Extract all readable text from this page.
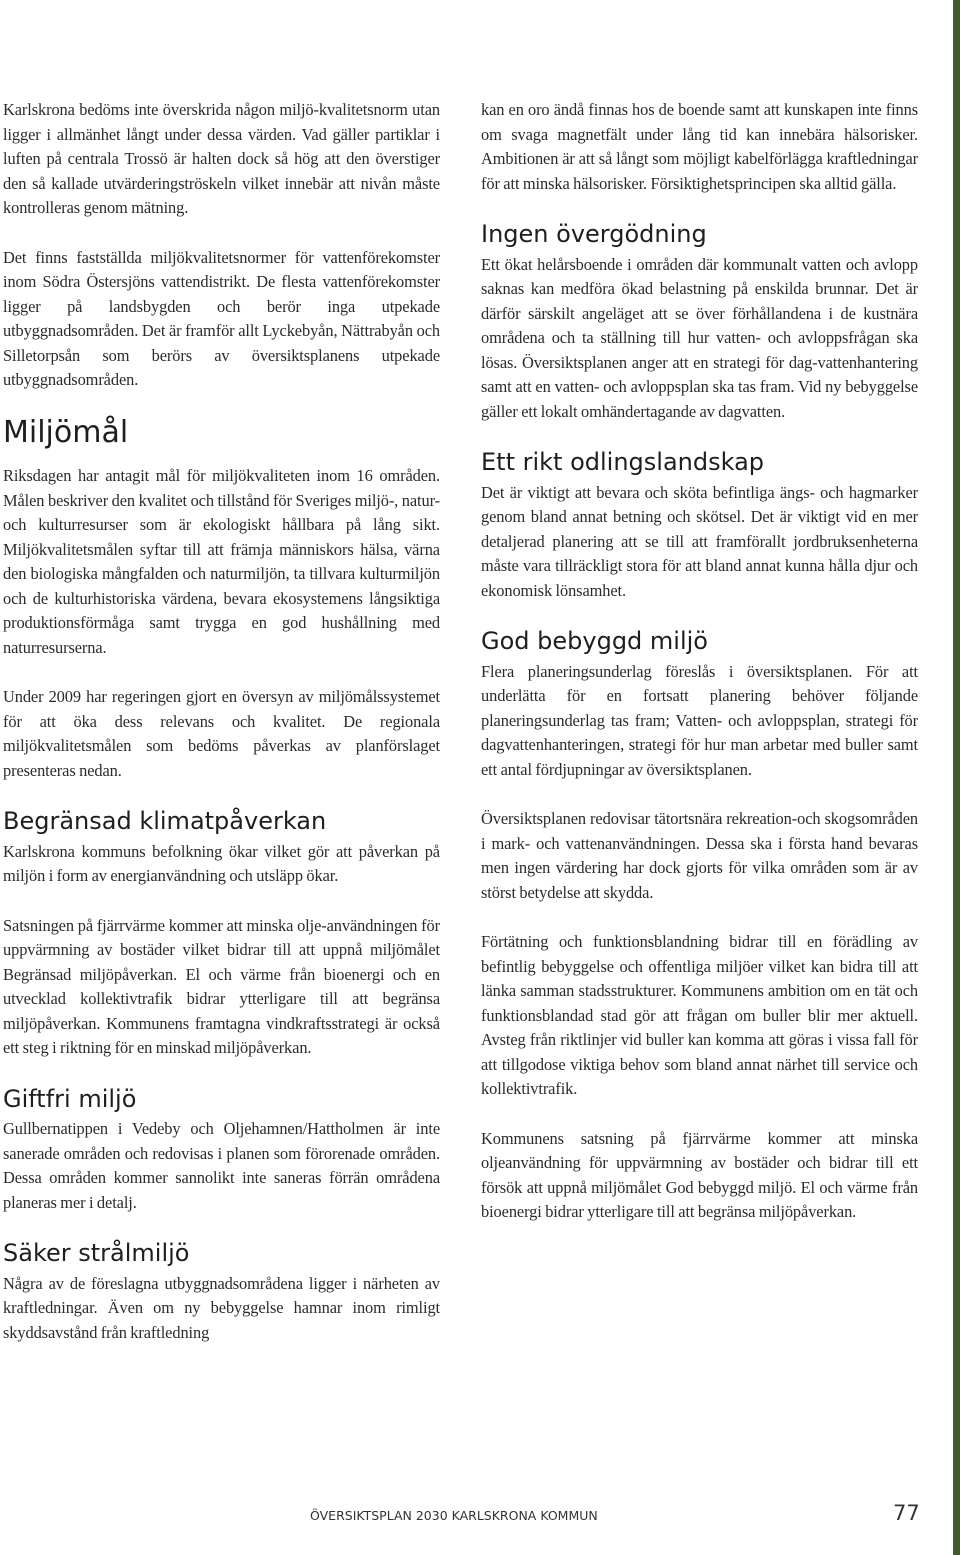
Karlskrona bedöms inte överskrida någon miljö-kvalitetsnorm utan ligger i allmänhet långt under dessa värden. Vad gäller partiklar i luften på centrala Trossö är halten dock så hög att den överstiger den så kallade utvärderingströskeln vilket innebär att nivån måste kontrolleras genom mätning.

Det finns fastställda miljökvalitetsnormer för vattenförekomster inom Södra Östersjöns vattendistrikt. De flesta vattenförekomster ligger på landsbygden och berör inga utpekade utbyggnadsområden. Det är framför allt Lyckebyån, Nättrabyån och Silletorpsån som berörs av översiktsplanens utpekade utbyggnadsområden.

Miljömål

Riksdagen har antagit mål för miljökvaliteten inom 16 områden. Målen beskriver den kvalitet och tillstånd för Sveriges miljö-, natur- och kulturresurser som är ekologiskt hållbara på lång sikt. Miljökvalitetsmålen syftar till att främja människors hälsa, värna den biologiska mångfalden och naturmiljön, ta tillvara kulturmiljön och de kulturhistoriska värdena, bevara ekosystemens långsiktiga produktionsförmåga samt trygga en god hushållning med naturresurserna.

Under 2009 har regeringen gjort en översyn av miljömålssystemet för att öka dess relevans och kvalitet. De regionala miljökvalitetsmålen som bedöms påverkas av planförslaget presenteras nedan.

Begränsad klimatpåverkan

Karlskrona kommuns befolkning ökar vilket gör att påverkan på miljön i form av energianvändning och utsläpp ökar.

Satsningen på fjärrvärme kommer att minska olje-användningen för uppvärmning av bostäder vilket bidrar till att uppnå miljömålet Begränsad miljöpåverkan. El och värme från bioenergi och en utvecklad kollektivtrafik bidrar ytterligare till att begränsa miljöpåverkan. Kommunens framtagna vindkraftsstrategi är också ett steg i riktning för en minskad miljöpåverkan.

Giftfri miljö

Gullbernatippen i Vedeby och Oljehamnen/Hattholmen är inte sanerade områden och redovisas i planen som förorenade områden. Dessa områden kommer sannolikt inte saneras förrän områdena planeras mer i detalj.

Säker strålmiljö

Några av de föreslagna utbyggnadsområdena ligger i närheten av kraftledningar. Även om ny bebyggelse hamnar inom rimligt skyddsavstånd från kraftledning

kan en oro ändå finnas hos de boende samt att kunskapen inte finns om svaga magnetfält under lång tid kan innebära hälsorisker. Ambitionen är att så långt som möjligt kabelförlägga kraftledningar för att minska hälsorisker. Försiktighetsprincipen ska alltid gälla.

Ingen övergödning

Ett ökat helårsboende i områden där kommunalt vatten och avlopp saknas kan medföra ökad belastning på enskilda brunnar. Det är därför särskilt angeläget att se över förhållandena i de kustnära områdena och ta ställning till hur vatten- och avloppsfrågan ska lösas. Översiktsplanen anger att en strategi för dag-vattenhantering samt att en vatten- och avloppsplan ska tas fram. Vid ny bebyggelse gäller ett lokalt omhändertagande av dagvatten.

Ett rikt odlingslandskap

Det är viktigt att bevara och sköta befintliga ängs- och hagmarker genom bland annat betning och skötsel. Det är viktigt vid en mer detaljerad planering att se till att framförallt jordbruksenheterna måste vara tillräckligt stora för att bland annat kunna hålla djur och ekonomisk lönsamhet.

God bebyggd miljö

Flera planeringsunderlag föreslås i översiktsplanen. För att underlätta för en fortsatt planering behöver följande planeringsunderlag tas fram; Vatten- och avloppsplan, strategi för dagvattenhanteringen, strategi för hur man arbetar med buller samt ett antal fördjupningar av översiktsplanen.

Översiktsplanen redovisar tätortsnära rekreation-och skogsområden i mark- och vattenanvändningen. Dessa ska i första hand bevaras men ingen värdering har dock gjorts för vilka områden som är av störst betydelse att skydda.

Förtätning och funktionsblandning bidrar till en förädling av befintlig bebyggelse och offentliga miljöer vilket kan bidra till att länka samman stadsstrukturer. Kommunens ambition om en tät och funktionsblandad stad gör att frågan om buller blir mer aktuell. Avsteg från riktlinjer vid buller kan komma att göras i vissa fall för att tillgodose viktiga behov som bland annat närhet till service och kollektivtrafik.

Kommunens satsning på fjärrvärme kommer att minska oljeanvändning för uppvärmning av bostäder och bidrar till ett försök att uppnå miljömålet God bebyggd miljö. El och värme från bioenergi bidrar ytterligare till att begränsa miljöpåverkan.

ÖVERSIKTSPLAN 2030 KARLSKRONA KOMMUN	77
